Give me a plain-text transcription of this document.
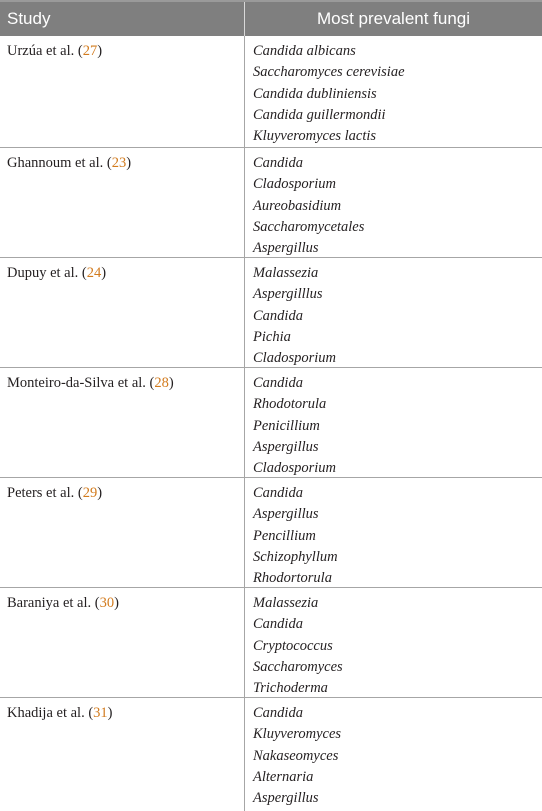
Study	Most prevalent fungi
Urzúa et al. (27)	Candida albicans
Saccharomyces cerevisiae
Candida dubliniensis
Candida guillermondii
Kluyveromyces lactis
Ghannoum et al. (23)	Candida
Cladosporium
Aureobasidium
Saccharomycetales
Aspergillus
Dupuy et al. (24)	Malassezia
Aspergilllus
Candida
Pichia
Cladosporium
Monteiro-da-Silva et al. (28)	Candida
Rhodotorula
Penicillium
Aspergillus
Cladosporium
Peters et al. (29)	Candida
Aspergillus
Pencillium
Schizophyllum
Rhodortorula
Baraniya et al. (30)	Malassezia
Candida
Cryptococcus
Saccharomyces
Trichoderma
Khadija et al. (31)	Candida
Kluyveromyces
Nakaseomyces
Alternaria
Aspergillus
